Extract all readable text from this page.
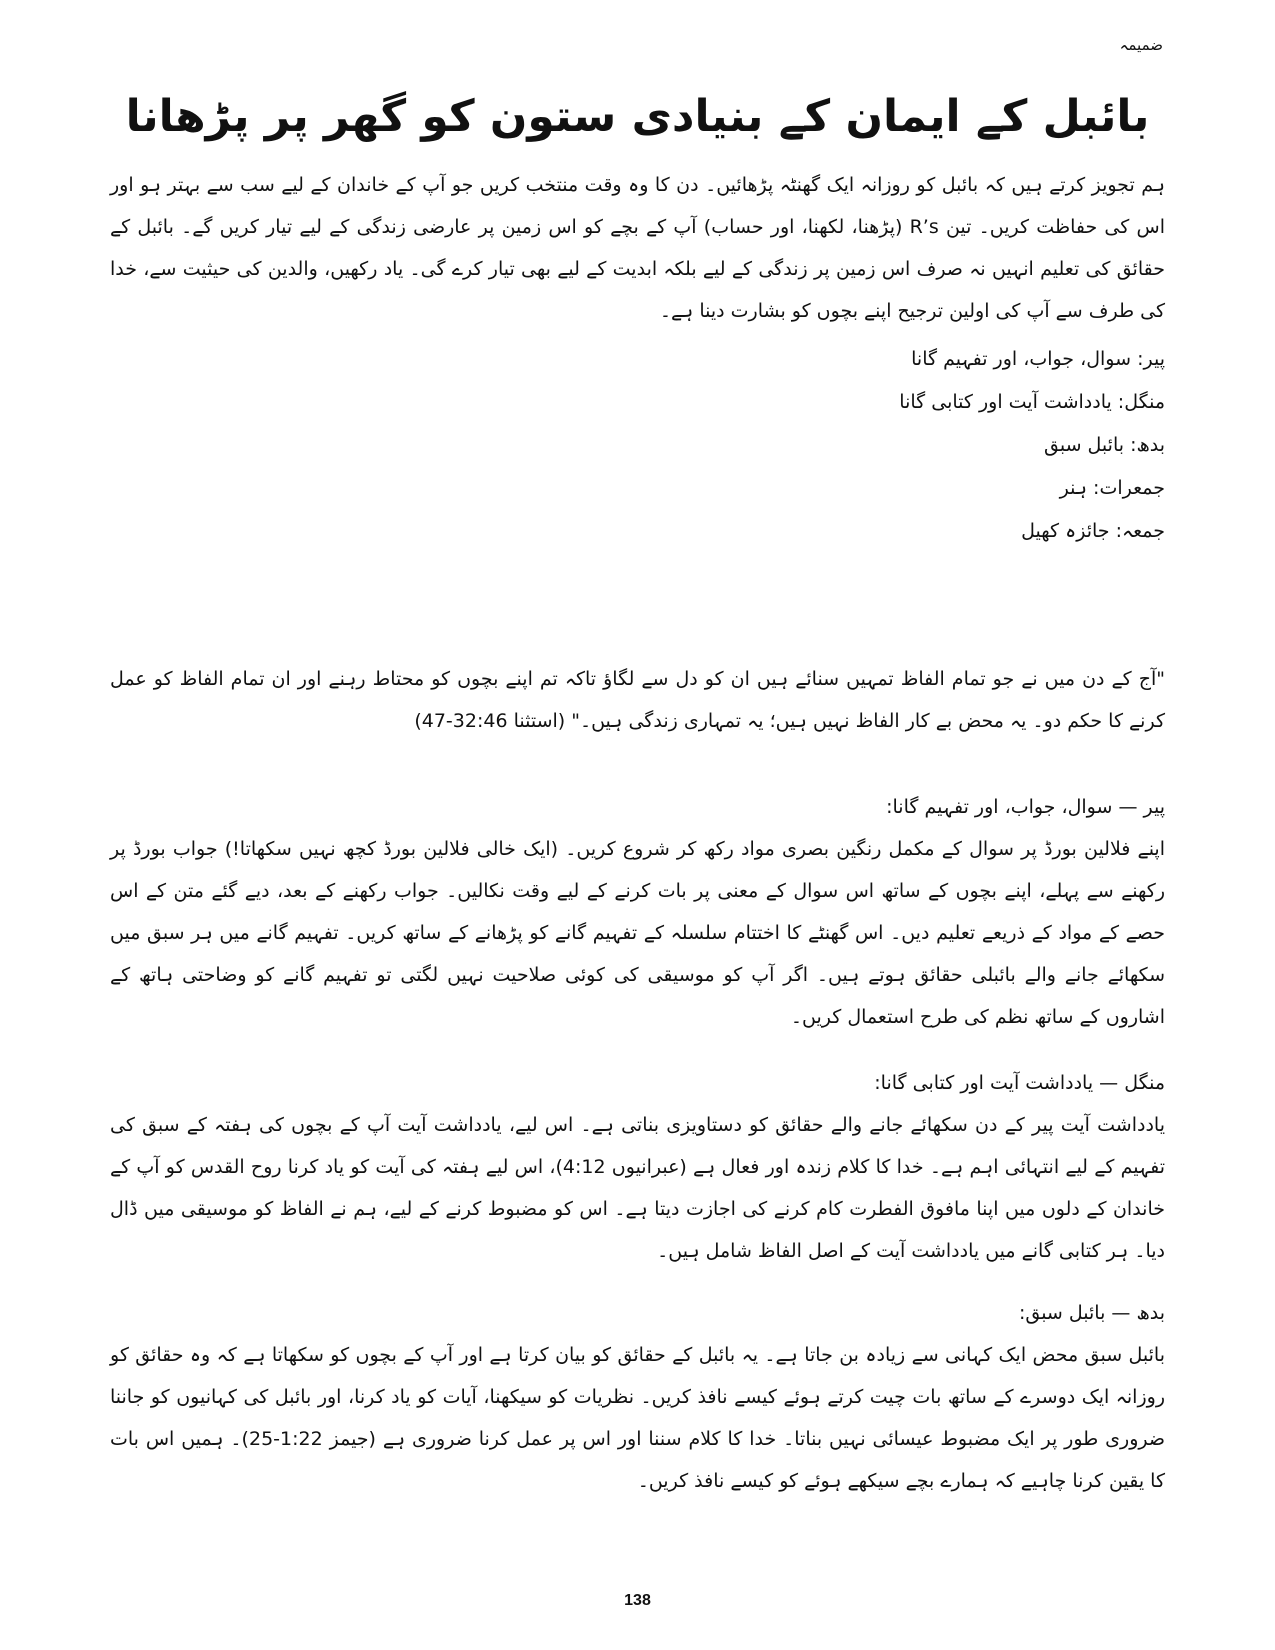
ضمیمہ
بائبل کے ایمان کے بنیادی ستون کو گھر پر پڑھانا
ہم تجویز کرتے ہیں کہ بائبل کو روزانہ ایک گھنٹہ پڑھائیں۔ دن کا وہ وقت منتخب کریں جو آپ کے خاندان کے لیے سب سے بہتر ہو اور اس کی حفاظت کریں۔ تین R’s (پڑھنا، لکھنا، اور حساب) آپ کے بچے کو اس زمین پر عارضی زندگی کے لیے تیار کریں گے۔ بائبل کے حقائق کی تعلیم انہیں نہ صرف اس زمین پر زندگی کے لیے بلکہ ابدیت کے لیے بھی تیار کرے گی۔ یاد رکھیں، والدین کی حیثیت سے، خدا کی طرف سے آپ کی اولین ترجیح اپنے بچوں کو بشارت دینا ہے۔
پیر: سوال، جواب، اور تفہیم گانا
منگل: یادداشت آیت اور کتابی گانا
بدھ: بائبل سبق
جمعرات: ہنر
جمعہ: جائزہ کھیل
"آج کے دن میں نے جو تمام الفاظ تمہیں سنائے ہیں ان کو دل سے لگاؤ تاکہ تم اپنے بچوں کو محتاط رہنے اور ان تمام الفاظ کو عمل کرنے کا حکم دو۔ یہ محض بے کار الفاظ نہیں ہیں؛ یہ تمہاری زندگی ہیں۔" (استثنا 32:46-47)
پیر — سوال، جواب، اور تفہیم گانا:
اپنے فلالین بورڈ پر سوال کے مکمل رنگین بصری مواد رکھ کر شروع کریں۔ (ایک خالی فلالین بورڈ کچھ نہیں سکھاتا!) جواب بورڈ پر رکھنے سے پہلے، اپنے بچوں کے ساتھ اس سوال کے معنی پر بات کرنے کے لیے وقت نکالیں۔ جواب رکھنے کے بعد، دیے گئے متن کے اس حصے کے مواد کے ذریعے تعلیم دیں۔ اس گھنٹے کا اختتام سلسلہ کے تفہیم گانے کو پڑھانے کے ساتھ کریں۔ تفہیم گانے میں ہر سبق میں سکھائے جانے والے بائبلی حقائق ہوتے ہیں۔ اگر آپ کو موسیقی کی کوئی صلاحیت نہیں لگتی تو تفہیم گانے کو وضاحتی ہاتھ کے اشاروں کے ساتھ نظم کی طرح استعمال کریں۔
منگل — یادداشت آیت اور کتابی گانا:
یادداشت آیت پیر کے دن سکھائے جانے والے حقائق کو دستاویزی بناتی ہے۔ اس لیے، یادداشت آیت آپ کے بچوں کی ہفتہ کے سبق کی تفہیم کے لیے انتہائی اہم ہے۔ خدا کا کلام زندہ اور فعال ہے (عبرانیوں 4:12)، اس لیے ہفتہ کی آیت کو یاد کرنا روح القدس کو آپ کے خاندان کے دلوں میں اپنا مافوق الفطرت کام کرنے کی اجازت دیتا ہے۔ اس کو مضبوط کرنے کے لیے، ہم نے الفاظ کو موسیقی میں ڈال دیا۔ ہر کتابی گانے میں یادداشت آیت کے اصل الفاظ شامل ہیں۔
بدھ — بائبل سبق:
بائبل سبق محض ایک کہانی سے زیادہ بن جاتا ہے۔ یہ بائبل کے حقائق کو بیان کرتا ہے اور آپ کے بچوں کو سکھاتا ہے کہ وہ حقائق کو روزانہ ایک دوسرے کے ساتھ بات چیت کرتے ہوئے کیسے نافذ کریں۔ نظریات کو سیکھنا، آیات کو یاد کرنا، اور بائبل کی کہانیوں کو جاننا ضروری طور پر ایک مضبوط عیسائی نہیں بناتا۔ خدا کا کلام سننا اور اس پر عمل کرنا ضروری ہے (جیمز 1:22-25)۔ ہمیں اس بات کا یقین کرنا چاہیے کہ ہمارے بچے سیکھے ہوئے کو کیسے نافذ کریں۔
138
